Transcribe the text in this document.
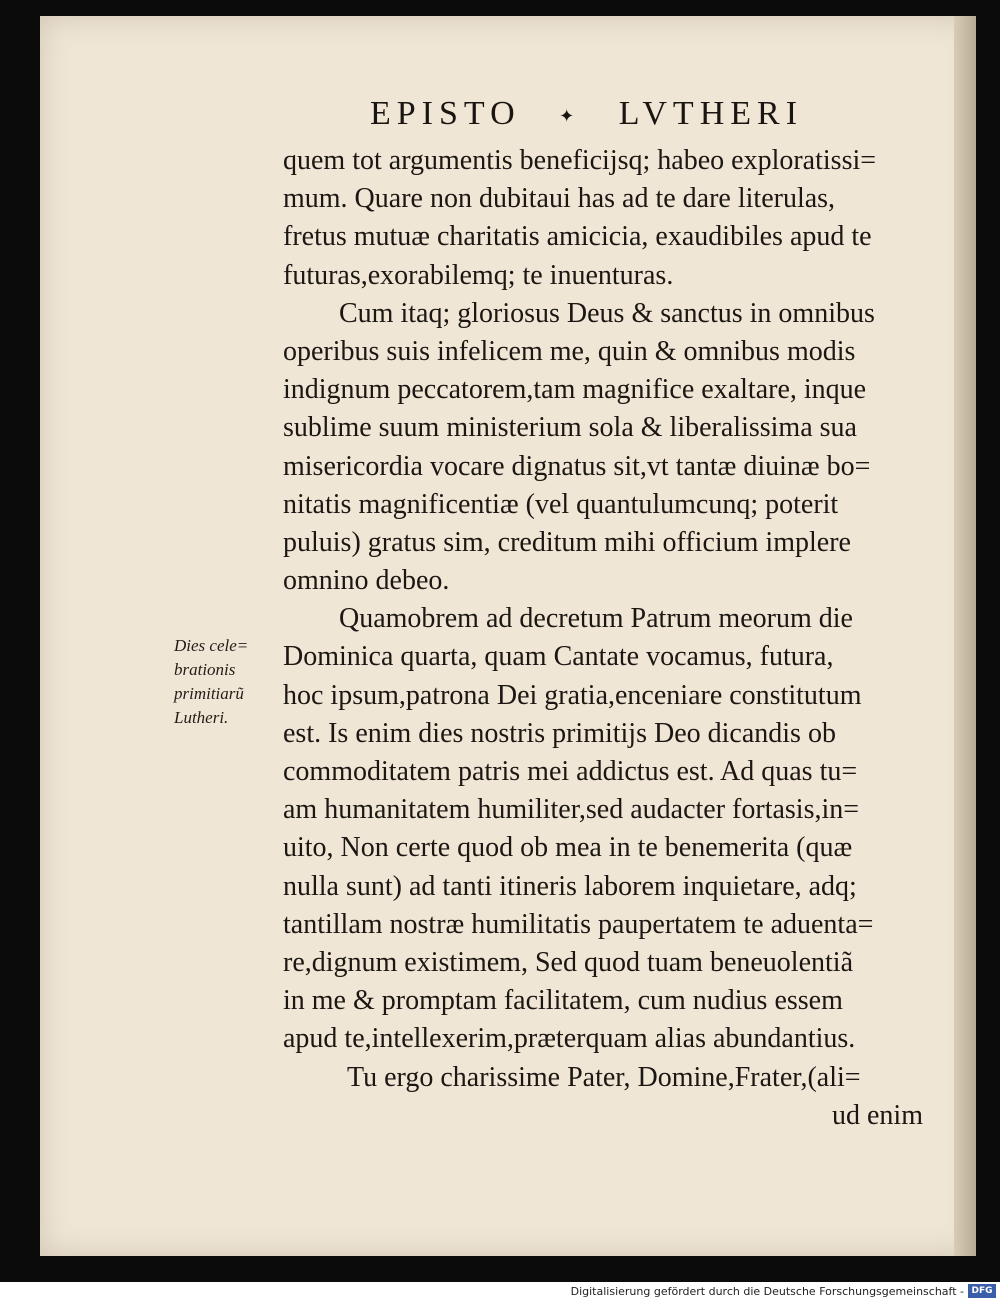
EPISTO ✦ LVTHERI
quem tot argumentis beneficijsq; habeo exploratissi=
mum. Quare non dubitaui has ad te dare literulas,
fretus mutuæ charitatis amicicia, exaudibiles apud te
futuras,exorabilemq; te inuenturas.
Cum itaq; gloriosus Deus & sanctus in omnibus
operibus suis infelicem me, quin & omnibus modis
indignum peccatorem,tam magnifice exaltare, inque
sublime suum ministerium sola & liberalissima sua
misericordia vocare dignatus sit,vt tantæ diuinæ bo=
nitatis magnificentiæ (vel quantulumcunq; poterit
puluis) gratus sim, creditum mihi officium implere
omnino debeo.
Quamobrem ad decretum Patrum meorum die
Dominica quarta, quam Cantate vocamus, futura,
hoc ipsum,patrona Dei gratia,enceniare constitutum
est. Is enim dies nostris primitijs Deo dicandis ob
commoditatem patris mei addictus est. Ad quas tu=
am humanitatem humiliter,sed audacter fortasis,in=
uito, Non certe quod ob mea in te benemerita (quæ
nulla sunt) ad tanti itineris laborem inquietare, adq;
tantillam nostræ humilitatis paupertatem te aduenta=
re,dignum existimem, Sed quod tuam beneuolentiã
in me & promptam facilitatem, cum nudius essem
apud te,intellexerim,præterquam alias abundantius.
Tu ergo charissime Pater, Domine,Frater,(ali=
ud enim
Dies cele=
brationis
primitiarũ
Lutheri.
Digitalisierung gefördert durch die Deutsche Forschungsgemeinschaft - DFG
